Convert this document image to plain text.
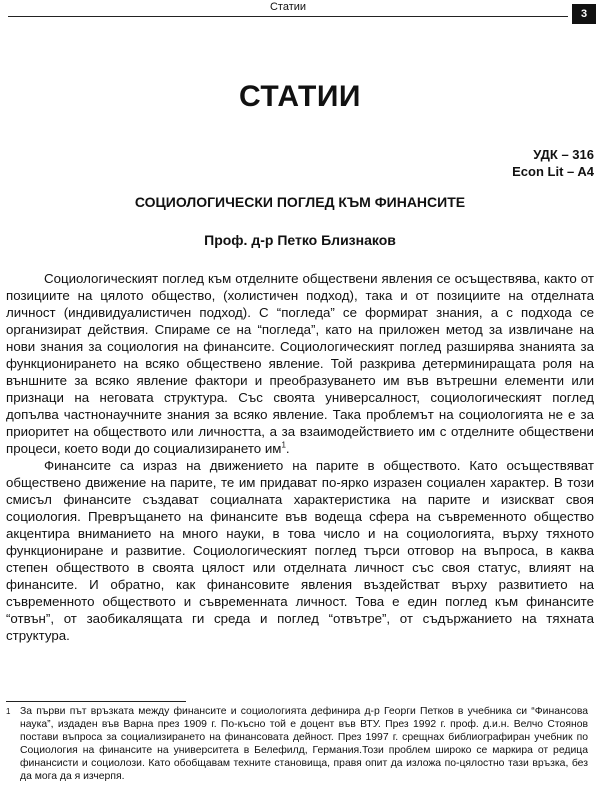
Статии
3
СТАТИИ
УДК – 316
Econ Lit – A4
СОЦИОЛОГИЧЕСКИ ПОГЛЕД КЪМ ФИНАНСИТЕ
Проф. д-р Петко Близнаков

Социологическият поглед към отделните обществени явления се осъществява, както от позициите на цялото общество, (холистичен подход), така и от позициите на отделната личност (индивидуалистичен подход). С “погледа” се формират знания, а с подхода се организират действия. Спираме се на “погледа”, като на приложен метод за извличане на нови знания за социология на финансите. Социологическият поглед разширява знанията за функционирането на всяко обществено явление. Той разкрива детерминиращата роля на външните за всяко явление фактори и преобразуването им във вътрешни елементи или признаци на неговата структура. Със своята универсалност, социологическият поглед допълва частнонаучните знания за всяко явление. Така проблемът на социологията не е за приоритет на обществото или личността, а за взаимодействието им с отделните обществени процеси, което води до социализирането $им^1$.

Финансите са израз на движението на парите в обществото. Като осъществяват обществено движение на парите, те им придават по-ярко изразен социален характер. В този смисъл финансите създават социалната характеристика на парите и изискват своя социология. Превръщането на финансите във водеща сфера на съвременното общество акцентира вниманието на много науки, в това число и на социологията, върху тяхното функциониране и развитие. Социологическият поглед търси отговор на въпроса, в каква степен обществото в своята цялост или отделната личност със своя статус, влияят на финансите. И обратно, как финансовите явления въздействат върху развитието на съвременното обществото и съвременната личност. Това е един поглед към финансите “отвън”, от заобикалящата ги среда и поглед “отвътре”, от съдържанието на тяхната структура.

1 За първи път връзката между финансите и социологията дефинира д-р Георги Петков в учебника си “Финансова наука”, издаден във Варна през 1909 г. По-късно той е доцент във ВТУ. През 1992 г. проф. д.и.н. Велчо Стоянов постави въпроса за социализирането на финансовата дейност. През 1997 г. срещнах библиографиран учебник по Социология на финансите на университета в Белефилд, Германия.Този проблем широко се маркира от редица финансисти и социолози. Като обобщавам техните становища, правя опит да изложа по-цялостно тази връзка, без да мога да я изчерпя.
